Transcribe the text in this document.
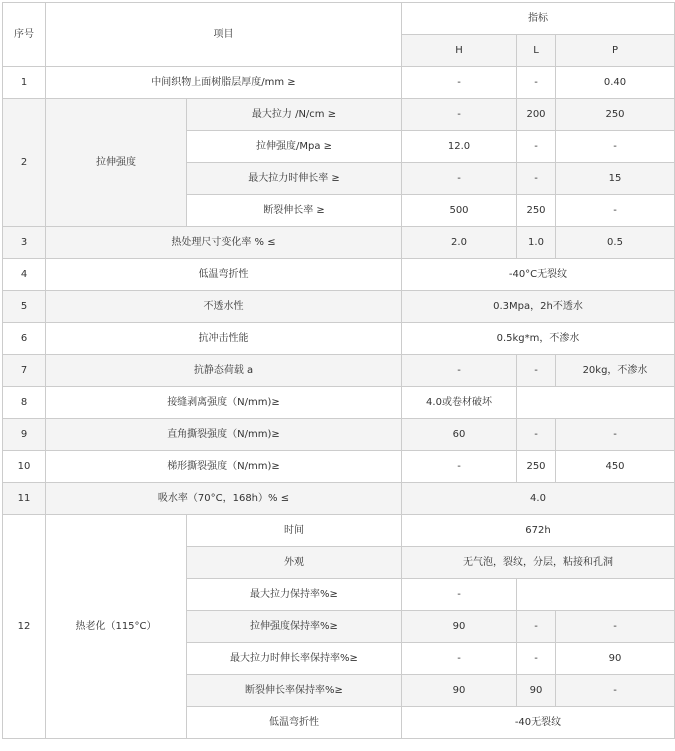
序号	项目		指标		
			H	L	P
1	中间织物上面树脂层厚度/mm ≥		-	-	0.40
2	拉伸强度	最大拉力 /N/cm ≥	-	200	250
		拉伸强度/Mpa ≥	12.0	-	-
		最大拉力时伸长率 ≥	-	-	15
		断裂伸长率 ≥	500	250	-
3	热处理尺寸变化率 % ≤		2.0	1.0	0.5
4	低温弯折性		-40°C无裂纹		
5	不透水性		0.3Mpa，2h不透水		
6	抗冲击性能		0.5kg*m，不渗水		
7	抗静态荷载 a		-	-	20kg，不渗水
8	接缝剥离强度（N/mm)≥		4.0或卷材破坏		
9	直角撕裂强度（N/mm)≥		60	-	-
10	梯形撕裂强度（N/mm)≥		-	250	450
11	吸水率（70°C，168h）% ≤		4.0		
12	热老化（115°C）	时间	672h		
		外观	无气泡，裂纹，分层，粘接和孔洞		
		最大拉力保持率%≥	-		
		拉伸强度保持率%≥	90	-	-
		最大拉力时伸长率保持率%≥	-	-	90
		断裂伸长率保持率%≥	90	90	-
		低温弯折性	-40无裂纹		
